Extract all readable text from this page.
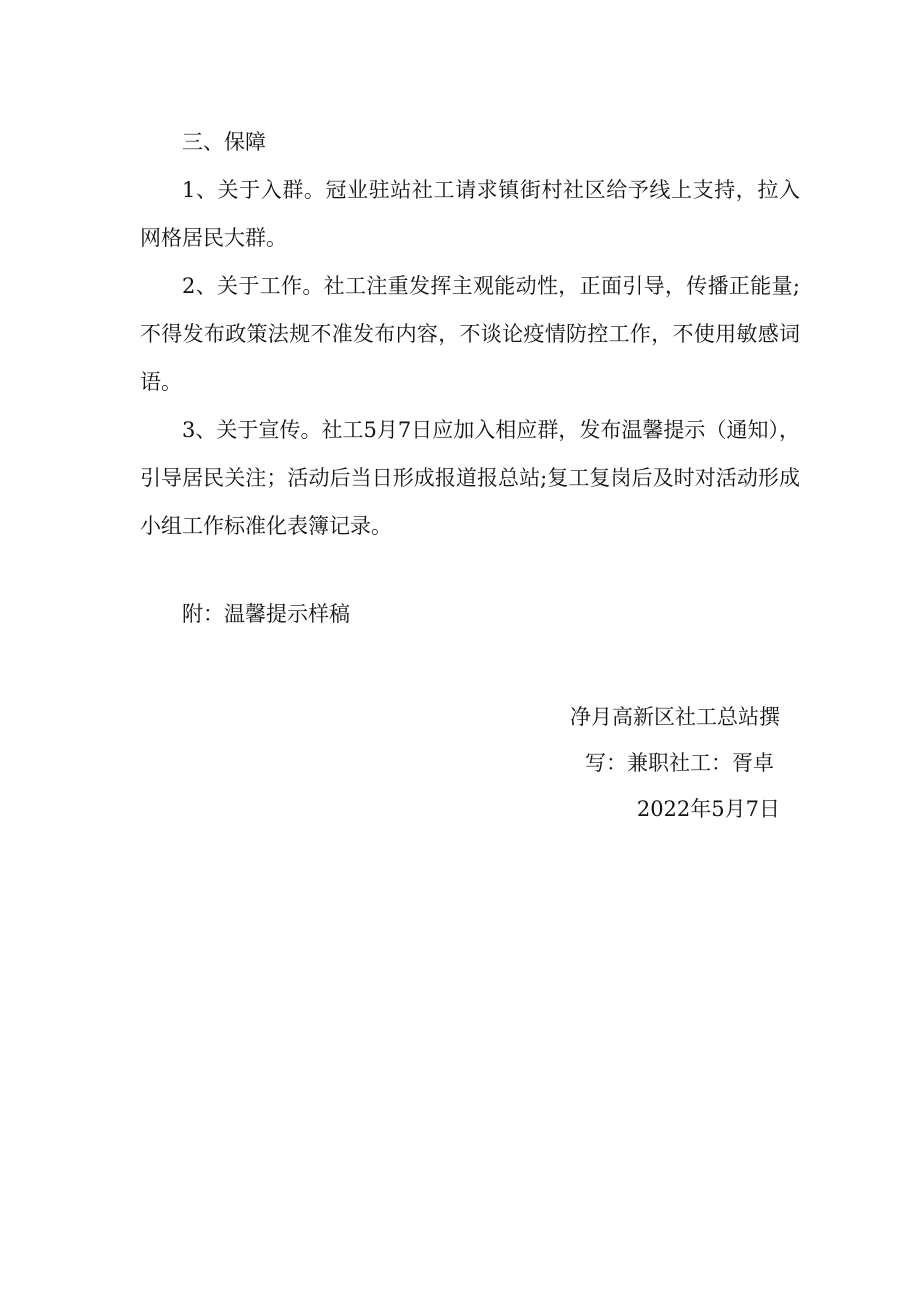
三、保障

1、关于入群。冠业驻站社工请求镇街村社区给予线上支持，拉入网格居民大群。

2、关于工作。社工注重发挥主观能动性，正面引导，传播正能量;不得发布政策法规不准发布内容，不谈论疫情防控工作，不使用敏感词语。

3、关于宣传。社工5月7日应加入相应群，发布温馨提示（通知），引导居民关注；活动后当日形成报道报总站;复工复岗后及时对活动形成小组工作标准化表簿记录。

附：温馨提示样稿

净月高新区社工总站撰

写：兼职社工：胥卓

2022年5月7日
